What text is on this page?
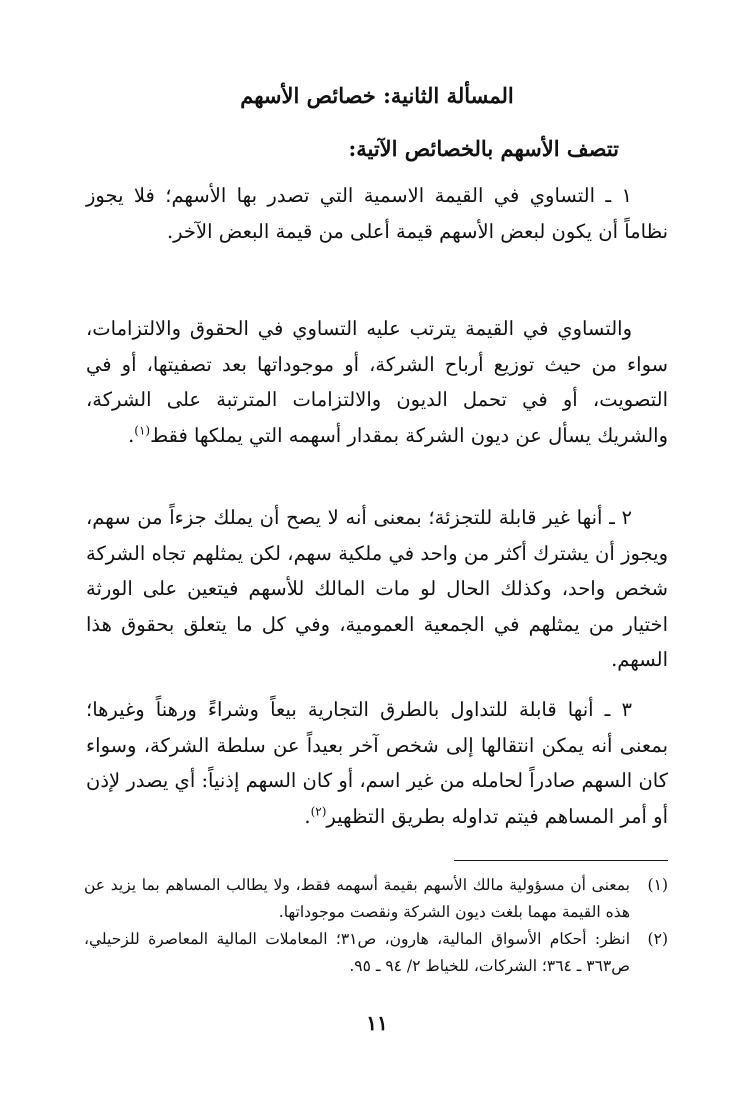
المسألة الثانية: خصائص الأسهم
تتصف الأسهم بالخصائص الآتية:

١ ـ التساوي في القيمة الاسمية التي تصدر بها الأسهم؛ فلا يجوز نظاماً أن يكون لبعض الأسهم قيمة أعلى من قيمة البعض الآخر.

والتساوي في القيمة يترتب عليه التساوي في الحقوق والالتزامات، سواء من حيث توزيع أرباح الشركة، أو موجوداتها بعد تصفيتها، أو في التصويت، أو في تحمل الديون والالتزامات المترتبة على الشركة، والشريك يسأل عن ديون الشركة بمقدار أسهمه التي يملكها فقط$^{(١)}$.

٢ ـ أنها غير قابلة للتجزئة؛ بمعنى أنه لا يصح أن يملك جزءاً من سهم، ويجوز أن يشترك أكثر من واحد في ملكية سهم، لكن يمثلهم تجاه الشركة شخص واحد، وكذلك الحال لو مات المالك للأسهم فيتعين على الورثة اختيار من يمثلهم في الجمعية العمومية، وفي كل ما يتعلق بحقوق هذا السهم.

٣ ـ أنها قابلة للتداول بالطرق التجارية بيعاً وشراءً ورهناً وغيرها؛ بمعنى أنه يمكن انتقالها إلى شخص آخر بعيداً عن سلطة الشركة، وسواء كان السهم صادراً لحامله من غير اسم، أو كان السهم إذنياً: أي يصدر لإذن أو أمر المساهم فيتم تداوله بطريق التظهير$^{(٢)}$.

(١)
بمعنى أن مسؤولية مالك الأسهم بقيمة أسهمه فقط، ولا يطالب المساهم بما يزيد عن هذه القيمة مهما بلغت ديون الشركة ونقصت موجوداتها.
(٢)
انظر: أحكام الأسواق المالية، هارون، ص٣١؛ المعاملات المالية المعاصرة للزحيلي، ص٣٦٣ ـ ٣٦٤؛ الشركات، للخياط ٢/ ٩٤ ـ ٩٥.
١١
